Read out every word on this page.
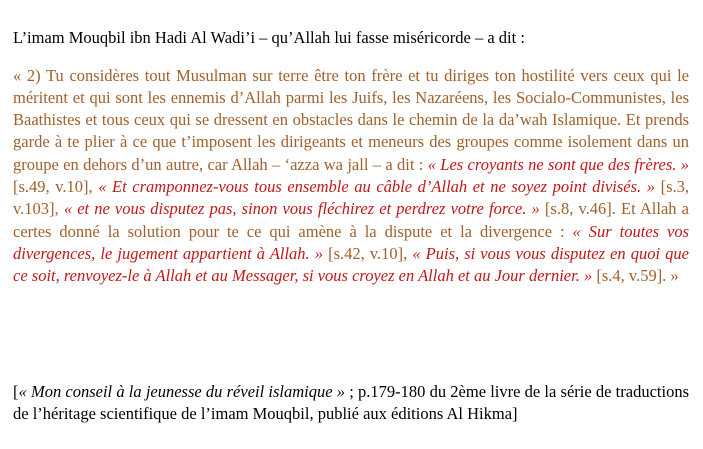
L’imam Mouqbil ibn Hadi Al Wadi’i – qu’Allah lui fasse miséricorde – a dit :

« 2) Tu considères tout Musulman sur terre être ton frère et tu diriges ton hostilité vers ceux qui le méritent et qui sont les ennemis d’Allah parmi les Juifs, les Nazaréens, les Socialo-Communistes, les Baathistes et tous ceux qui se dressent en obstacles dans le chemin de la da’wah Islamique. Et prends garde à te plier à ce que t’imposent les dirigeants et meneurs des groupes comme isolement dans un groupe en dehors d’un autre, car Allah – ‘azza wa jall – a dit : « Les croyants ne sont que des frères. » [s.49, v.10], « Et cramponnez-vous tous ensemble au câble d’Allah et ne soyez point divisés. » [s.3, v.103], « et ne vous disputez pas, sinon vous fléchirez et perdrez votre force. » [s.8, v.46]. Et Allah a certes donné la solution pour te ce qui amène à la dispute et la divergence : « Sur toutes vos divergences, le jugement appartient à Allah. » [s.42, v.10], « Puis, si vous vous disputez en quoi que ce soit, renvoyez-le à Allah et au Messager, si vous croyez en Allah et au Jour dernier. » [s.4, v.59]. »

[« Mon conseil à la jeunesse du réveil islamique » ; p.179-180 du 2ème livre de la série de traductions de l’héritage scientifique de l’imam Mouqbil, publié aux éditions Al Hikma]
